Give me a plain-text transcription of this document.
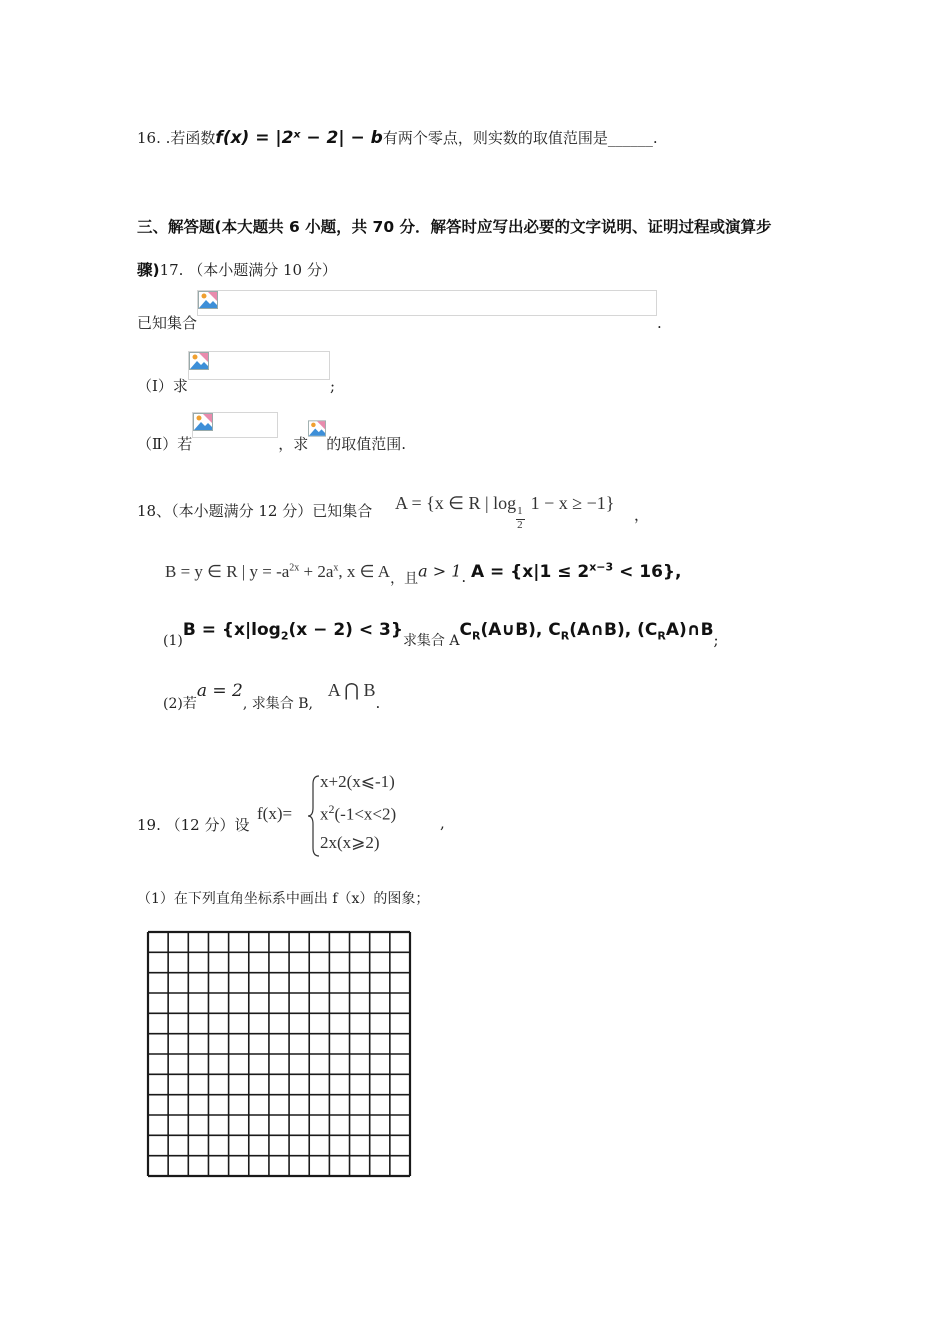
16. .若函数f(x) = |2ˣ − 2| − b有两个零点，则实数的取值范围是______.
三、解答题(本大题共 6 小题，共 70 分．解答时应写出必要的文字说明、证明过程或演算步
骤)17. （本小题满分 10 分）
已知集合	.
（Ⅰ）求	;
（Ⅱ）若	，求 的取值范围.
18、（本小题满分 12 分）已知集合 A = {x ∈ R | log 1
2
1 − x ≥ −1}
，
B = y ∈ R | $y = -a^{2x} + 2a^x$, x ∈ A，且a > 1. $A = \{x|1 \le 2^{x-3} < 16\}$,
$(1)B = \{x|\log_2(x - 2) < 3\}$求集合 $AC_R(A\cup B)$, $C_R(A\cap B)$, $(C_RA)\cap B$;
(2)若a = 2, 求集合 B, A ⋂ B.
19. （12 分）设
f(x)=
x+2(x⩽-1)
$x^2(-1<x<2)$
2x(x⩾2)
,
（1）在下列直角坐标系中画出 f（x）的图象；
